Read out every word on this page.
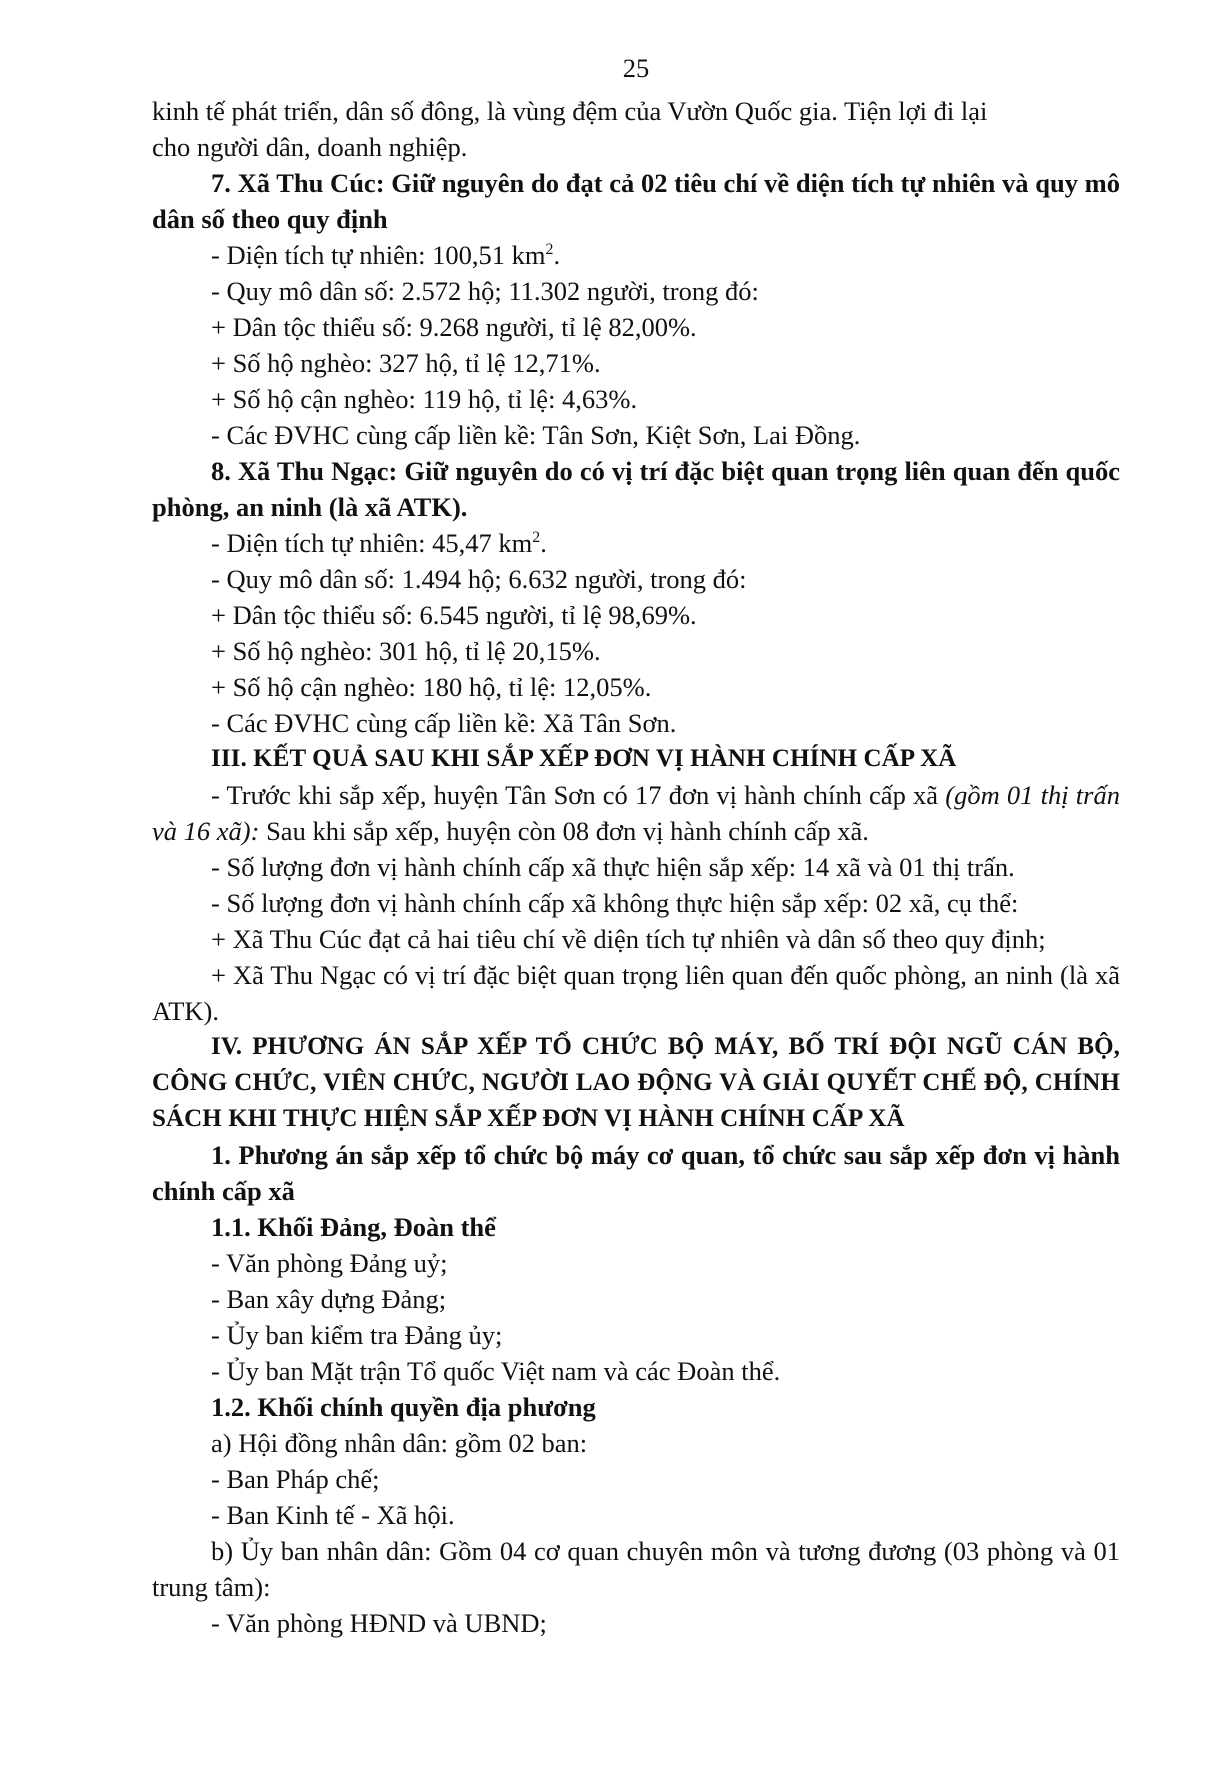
25

kinh tế phát triển, dân số đông, là vùng đệm của Vườn Quốc gia. Tiện lợi đi lại

cho người dân, doanh nghiệp.

7. Xã Thu Cúc: Giữ nguyên do đạt cả 02 tiêu chí về diện tích tự nhiên và quy mô dân số theo quy định

- Diện tích tự nhiên: 100,51 $km^2$.

- Quy mô dân số: 2.572 hộ; 11.302 người, trong đó:

+ Dân tộc thiểu số: 9.268 người, tỉ lệ 82,00%.

+ Số hộ nghèo: 327 hộ, tỉ lệ 12,71%.

+ Số hộ cận nghèo: 119 hộ, tỉ lệ: 4,63%.

- Các ĐVHC cùng cấp liền kề: Tân Sơn, Kiệt Sơn, Lai Đồng.

8. Xã Thu Ngạc: Giữ nguyên do có vị trí đặc biệt quan trọng liên quan đến quốc phòng, an ninh (là xã ATK).

- Diện tích tự nhiên: 45,47 $km^2$.

- Quy mô dân số: 1.494 hộ; 6.632 người, trong đó:

+ Dân tộc thiểu số: 6.545 người, tỉ lệ 98,69%.

+ Số hộ nghèo: 301 hộ, tỉ lệ 20,15%.

+ Số hộ cận nghèo: 180 hộ, tỉ lệ: 12,05%.

- Các ĐVHC cùng cấp liền kề: Xã Tân Sơn.

III. KẾT QUẢ SAU KHI SẮP XẾP ĐƠN VỊ HÀNH CHÍNH CẤP XÃ

- Trước khi sắp xếp, huyện Tân Sơn có 17 đơn vị hành chính cấp xã (gồm 01 thị trấn và 16 xã): Sau khi sắp xếp, huyện còn 08 đơn vị hành chính cấp xã.

- Số lượng đơn vị hành chính cấp xã thực hiện sắp xếp: 14 xã và 01 thị trấn.

- Số lượng đơn vị hành chính cấp xã không thực hiện sắp xếp: 02 xã, cụ thể:

+ Xã Thu Cúc đạt cả hai tiêu chí về diện tích tự nhiên và dân số theo quy định;

+ Xã Thu Ngạc có vị trí đặc biệt quan trọng liên quan đến quốc phòng, an ninh (là xã ATK).

IV. PHƯƠNG ÁN SẮP XẾP TỔ CHỨC BỘ MÁY, BỐ TRÍ ĐỘI NGŨ CÁN BỘ, CÔNG CHỨC, VIÊN CHỨC, NGƯỜI LAO ĐỘNG VÀ GIẢI QUYẾT CHẾ ĐỘ, CHÍNH SÁCH KHI THỰC HIỆN SẮP XẾP ĐƠN VỊ HÀNH CHÍNH CẤP XÃ

1. Phương án sắp xếp tổ chức bộ máy cơ quan, tổ chức sau sắp xếp đơn vị hành chính cấp xã

1.1. Khối Đảng, Đoàn thể

- Văn phòng Đảng uỷ;

- Ban xây dựng Đảng;

- Ủy ban kiểm tra Đảng ủy;

- Ủy ban Mặt trận Tổ quốc Việt nam và các Đoàn thể.

1.2. Khối chính quyền địa phương

a) Hội đồng nhân dân: gồm 02 ban:

- Ban Pháp chế;

- Ban Kinh tế - Xã hội.

b) Ủy ban nhân dân: Gồm 04 cơ quan chuyên môn và tương đương (03 phòng và 01 trung tâm):

- Văn phòng HĐND và UBND;
